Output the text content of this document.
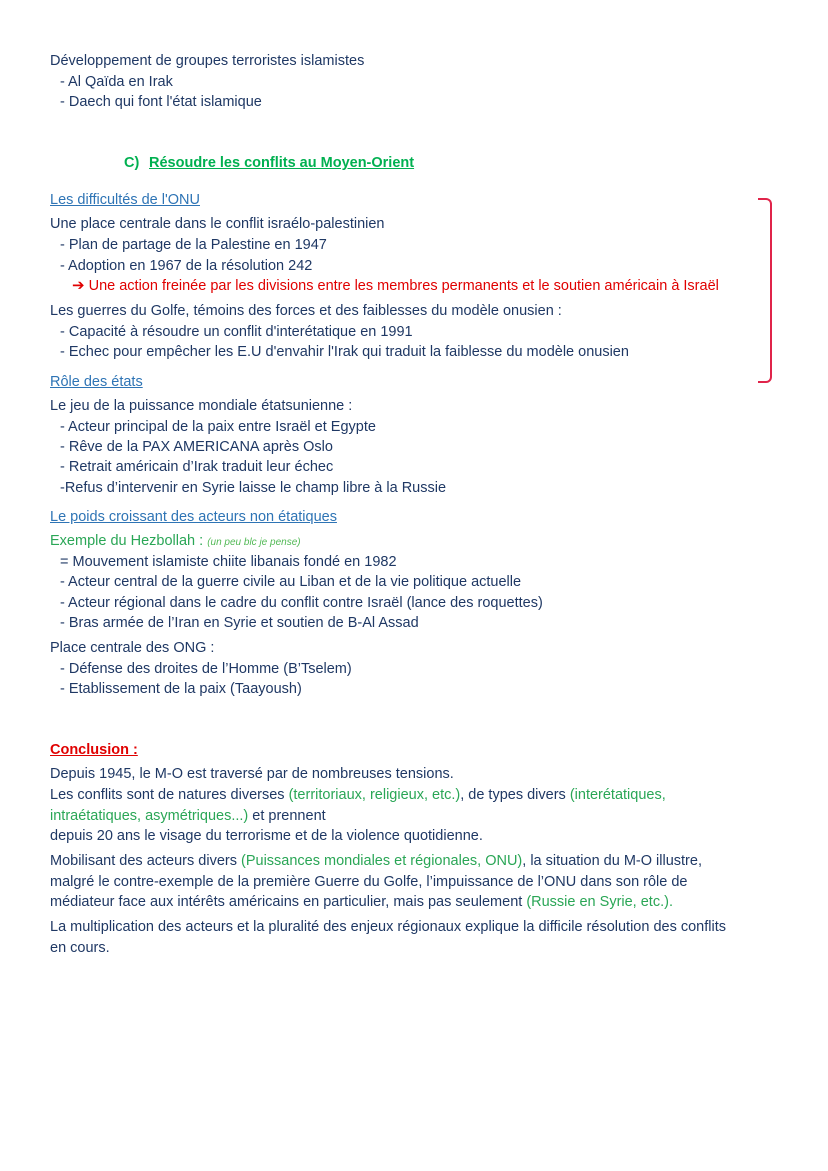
Développement de groupes terroristes islamistes
- Al Qaïda en Irak
- Daech qui font l'état islamique
C) Résoudre les conflits au Moyen-Orient
Les difficultés de l'ONU
Une place centrale dans le conflit israélo-palestinien
- Plan de partage de la Palestine en 1947
- Adoption en 1967 de la résolution 242
➔ Une action freinée par les divisions entre les membres permanents et le soutien américain à Israël
Les guerres du Golfe, témoins des forces et des faiblesses du modèle onusien :
- Capacité à résoudre un conflit d'interétatique en 1991
- Echec pour empêcher les E.U d'envahir l'Irak qui traduit la faiblesse du modèle onusien
Rôle des états
Le jeu de la puissance mondiale étatsunienne :
- Acteur principal de la paix entre Israël et Egypte
- Rêve de la PAX AMERICANA après Oslo
- Retrait américain d’Irak traduit leur échec
-Refus d’intervenir en Syrie laisse le champ libre à la Russie
Le poids croissant des acteurs non étatiques
Exemple du Hezbollah : (un peu blc je pense)
= Mouvement islamiste chiite libanais fondé en 1982
- Acteur central de la guerre civile au Liban et de la vie politique actuelle
- Acteur régional dans le cadre du conflit contre Israël (lance des roquettes)
- Bras armée de l’Iran en Syrie et soutien de B-Al Assad
Place centrale des ONG :
- Défense des droites de l’Homme (B’Tselem)
- Etablissement de la paix (Taayoush)
Conclusion :
Depuis 1945, le M-O est traversé par de nombreuses tensions.
Les conflits sont de natures diverses (territoriaux, religieux, etc.), de types divers (interétatiques,
intraétatiques, asymétriques...) et prennent
depuis 20 ans le visage du terrorisme et de la violence quotidienne.
Mobilisant des acteurs divers (Puissances mondiales et régionales, ONU), la situation du M-O illustre,
malgré le contre-exemple de la première Guerre du Golfe, l’impuissance de l’ONU dans son rôle de
médiateur face aux intérêts américains en particulier, mais pas seulement (Russie en Syrie, etc.).
La multiplication des acteurs et la pluralité des enjeux régionaux explique la difficile résolution des conflits
en cours.
